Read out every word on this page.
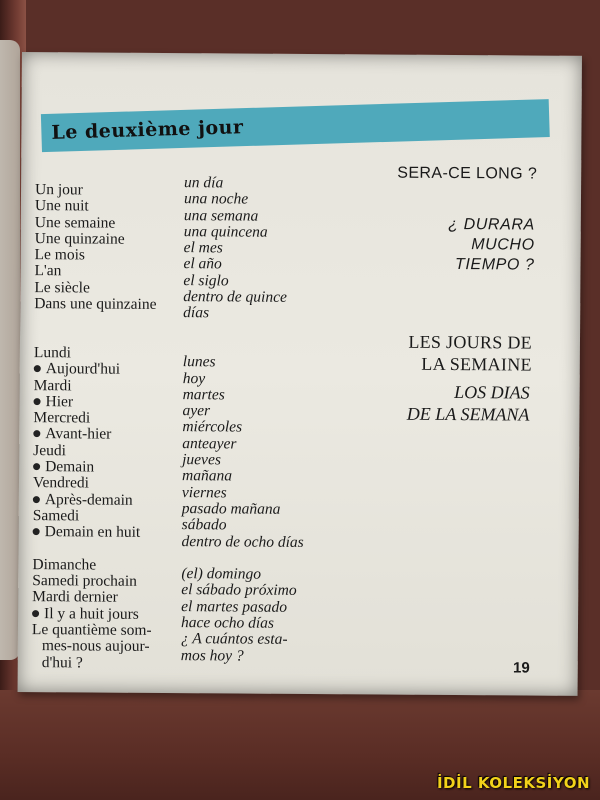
Le deuxième jour
Un jour
Une nuit
Une semaine
Une quinzaine
Le mois
L'an
Le siècle
Dans une quinzaine
Lundi
Aujourd'hui
Mardi
Hier
Mercredi
Avant-hier
Jeudi
Demain
Vendredi
Après-demain
Samedi
Demain en huit
Dimanche
Samedi prochain
Mardi dernier
Il y a huit jours
Le quantième som-
mes-nous aujour-
d'hui ?
un día
una noche
una semana
una quincena
el mes
el año
el siglo
dentro de quince
días
lunes
hoy
martes
ayer
miércoles
anteayer
jueves
mañana
viernes
pasado mañana
sábado
dentro de ocho días
(el) domingo
el sábado próximo
el martes pasado
hace ocho días
¿ A cuántos esta-
mos hoy ?
SERA-CE LONG ?
¿ DURARA
MUCHO
TIEMPO ?
LES JOURS DE
LA SEMAINE
LOS DIAS
DE LA SEMANA
19
İDİL KOLEKSİYON
